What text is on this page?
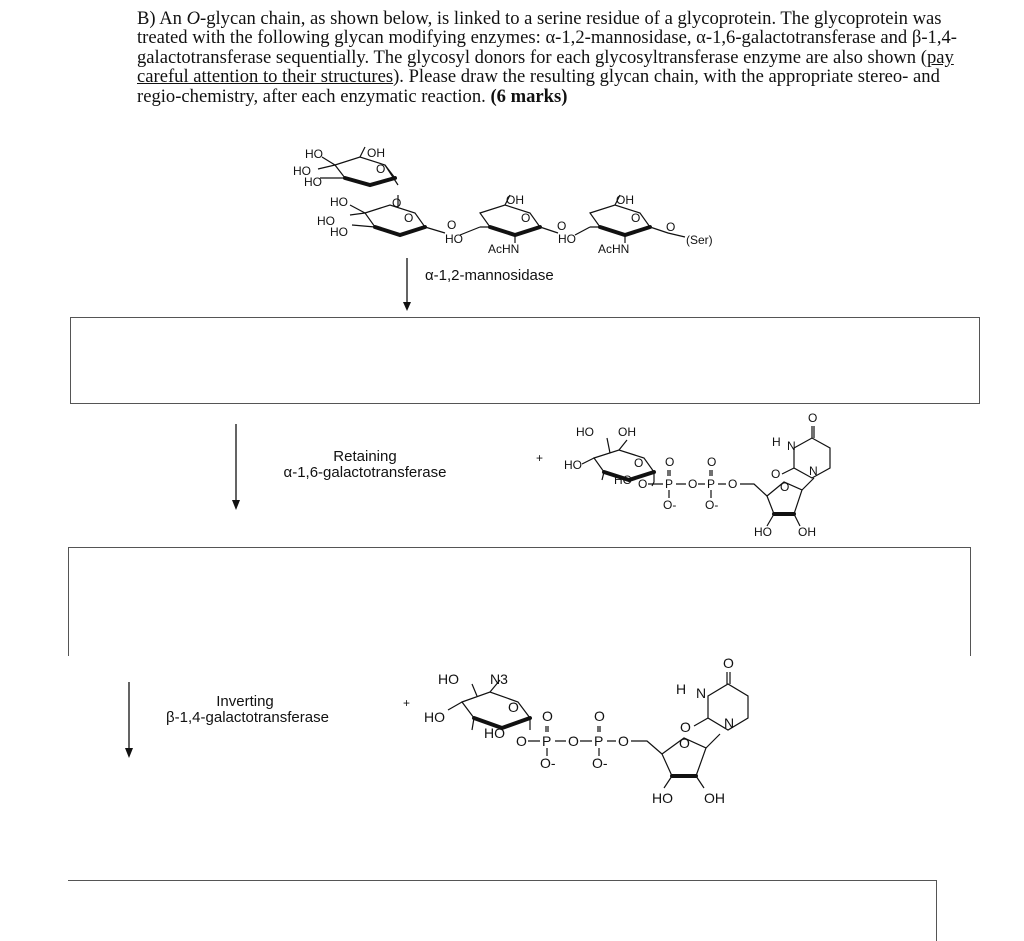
B) An O-glycan chain, as shown below, is linked to a serine residue of a glycoprotein. The glycoprotein was treated with the following glycan modifying enzymes: α-1,2-mannosidase, α-1,6-galactotransferase and β-1,4-galactotransferase sequentially. The glycosyl donors for each glycosyltransferase enzyme are also shown (pay careful attention to their structures). Please draw the resulting glycan chain, with the appropriate stereo- and regio-chemistry, after each enzymatic reaction. (6 marks)

HO	OH
HO
HO
O
O
HO
HO
HO
O	O
OH
O
HO
AcHN
O
OH
O
HO
AcHN
O
(Ser)
α-1,2-mannosidase
Retaining
α-1,6-galactotransferase
+
HO OH
HO
HO
O
O P O P O
O	O
O- O-
O
HO OH
O
H N
O N
Inverting
β-1,4-galactotransferase
+
HO N3
HO
HO
O
O P O P O
O	O
O-	O-
O
HO OH
O
H N
O N
